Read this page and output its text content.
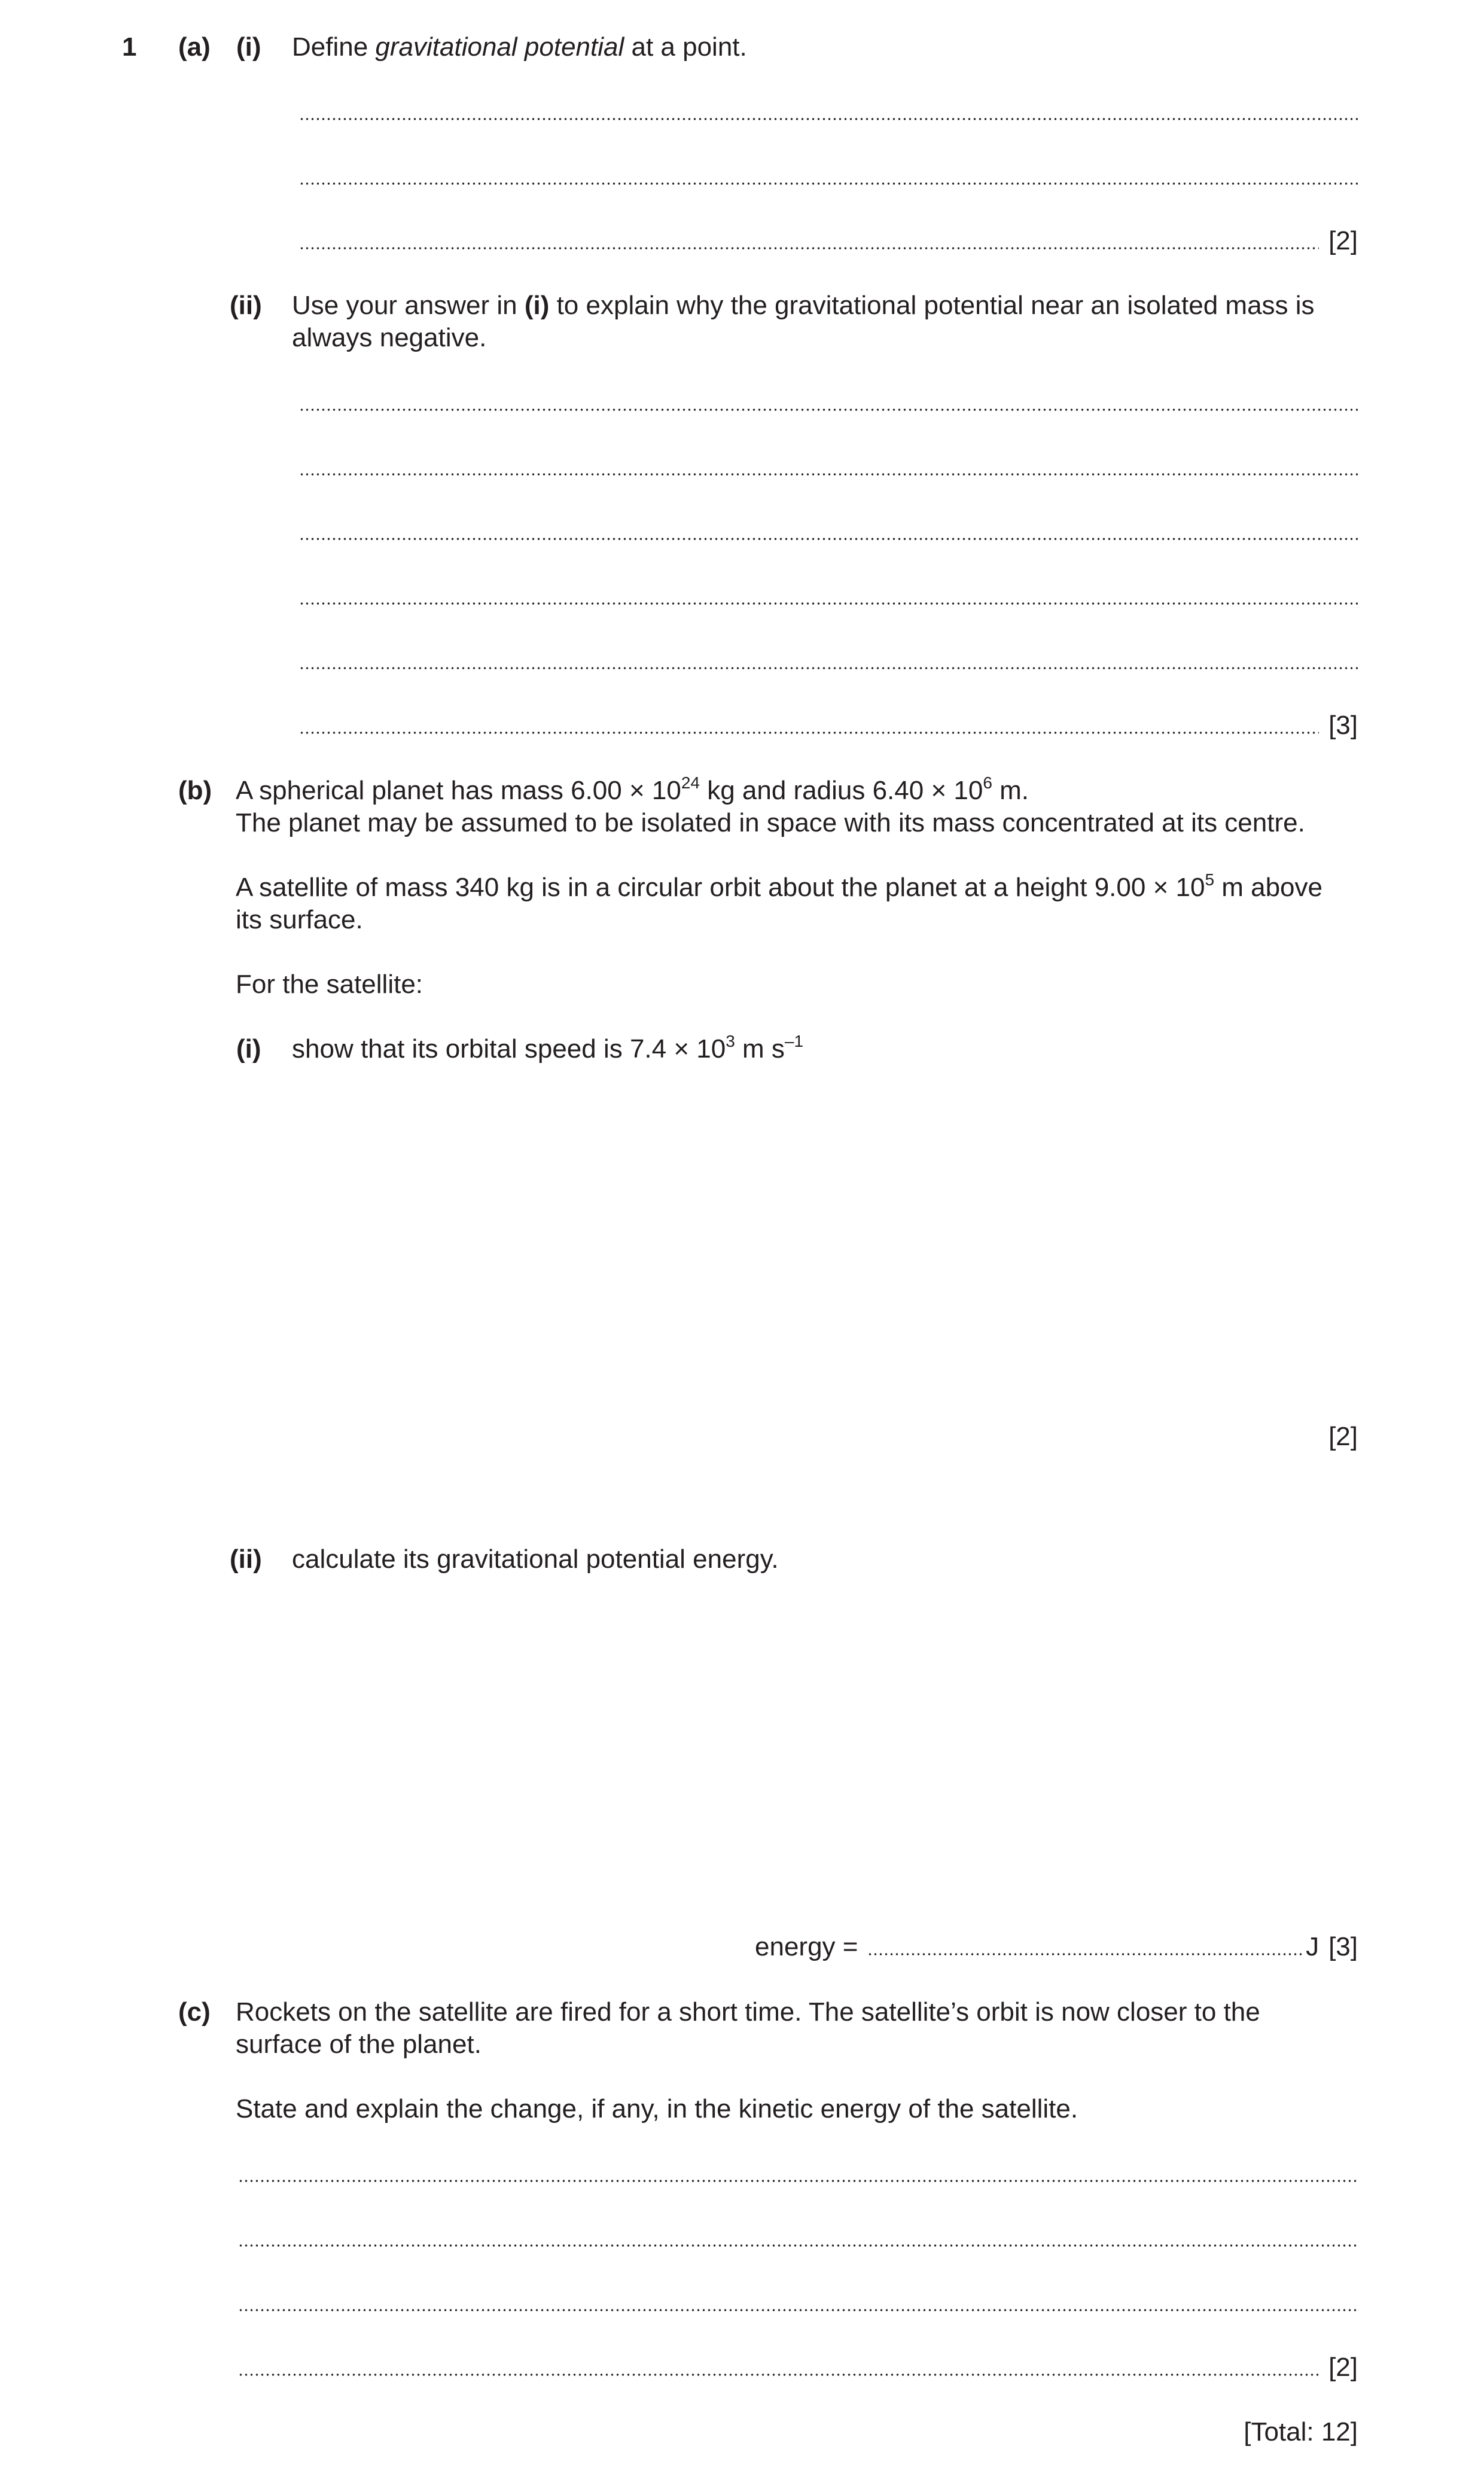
1 (a) (i) Define gravitational potential at a point.
[2]
(ii) Use your answer in (i) to explain why the gravitational potential near an isolated mass is
always negative.
[3]
(b) A spherical planet has mass $6.00 \times 10^{24}$ kg and radius $6.40 \times 10^6$ m.
The planet may be assumed to be isolated in space with its mass concentrated at its centre.
A satellite of mass 340 kg is in a circular orbit about the planet at a height $9.00 \times 10^5$ m above
its surface.
For the satellite:
(i) show that its orbital speed is $7.4 \times 10^3$ m $s^{-1}$
[2]
(ii) calculate its gravitational potential energy.
energy =	J [3]
(c) Rockets on the satellite are fired for a short time. The satellite’s orbit is now closer to the
surface of the planet.
State and explain the change, if any, in the kinetic energy of the satellite.
[2]
[Total: 12]
